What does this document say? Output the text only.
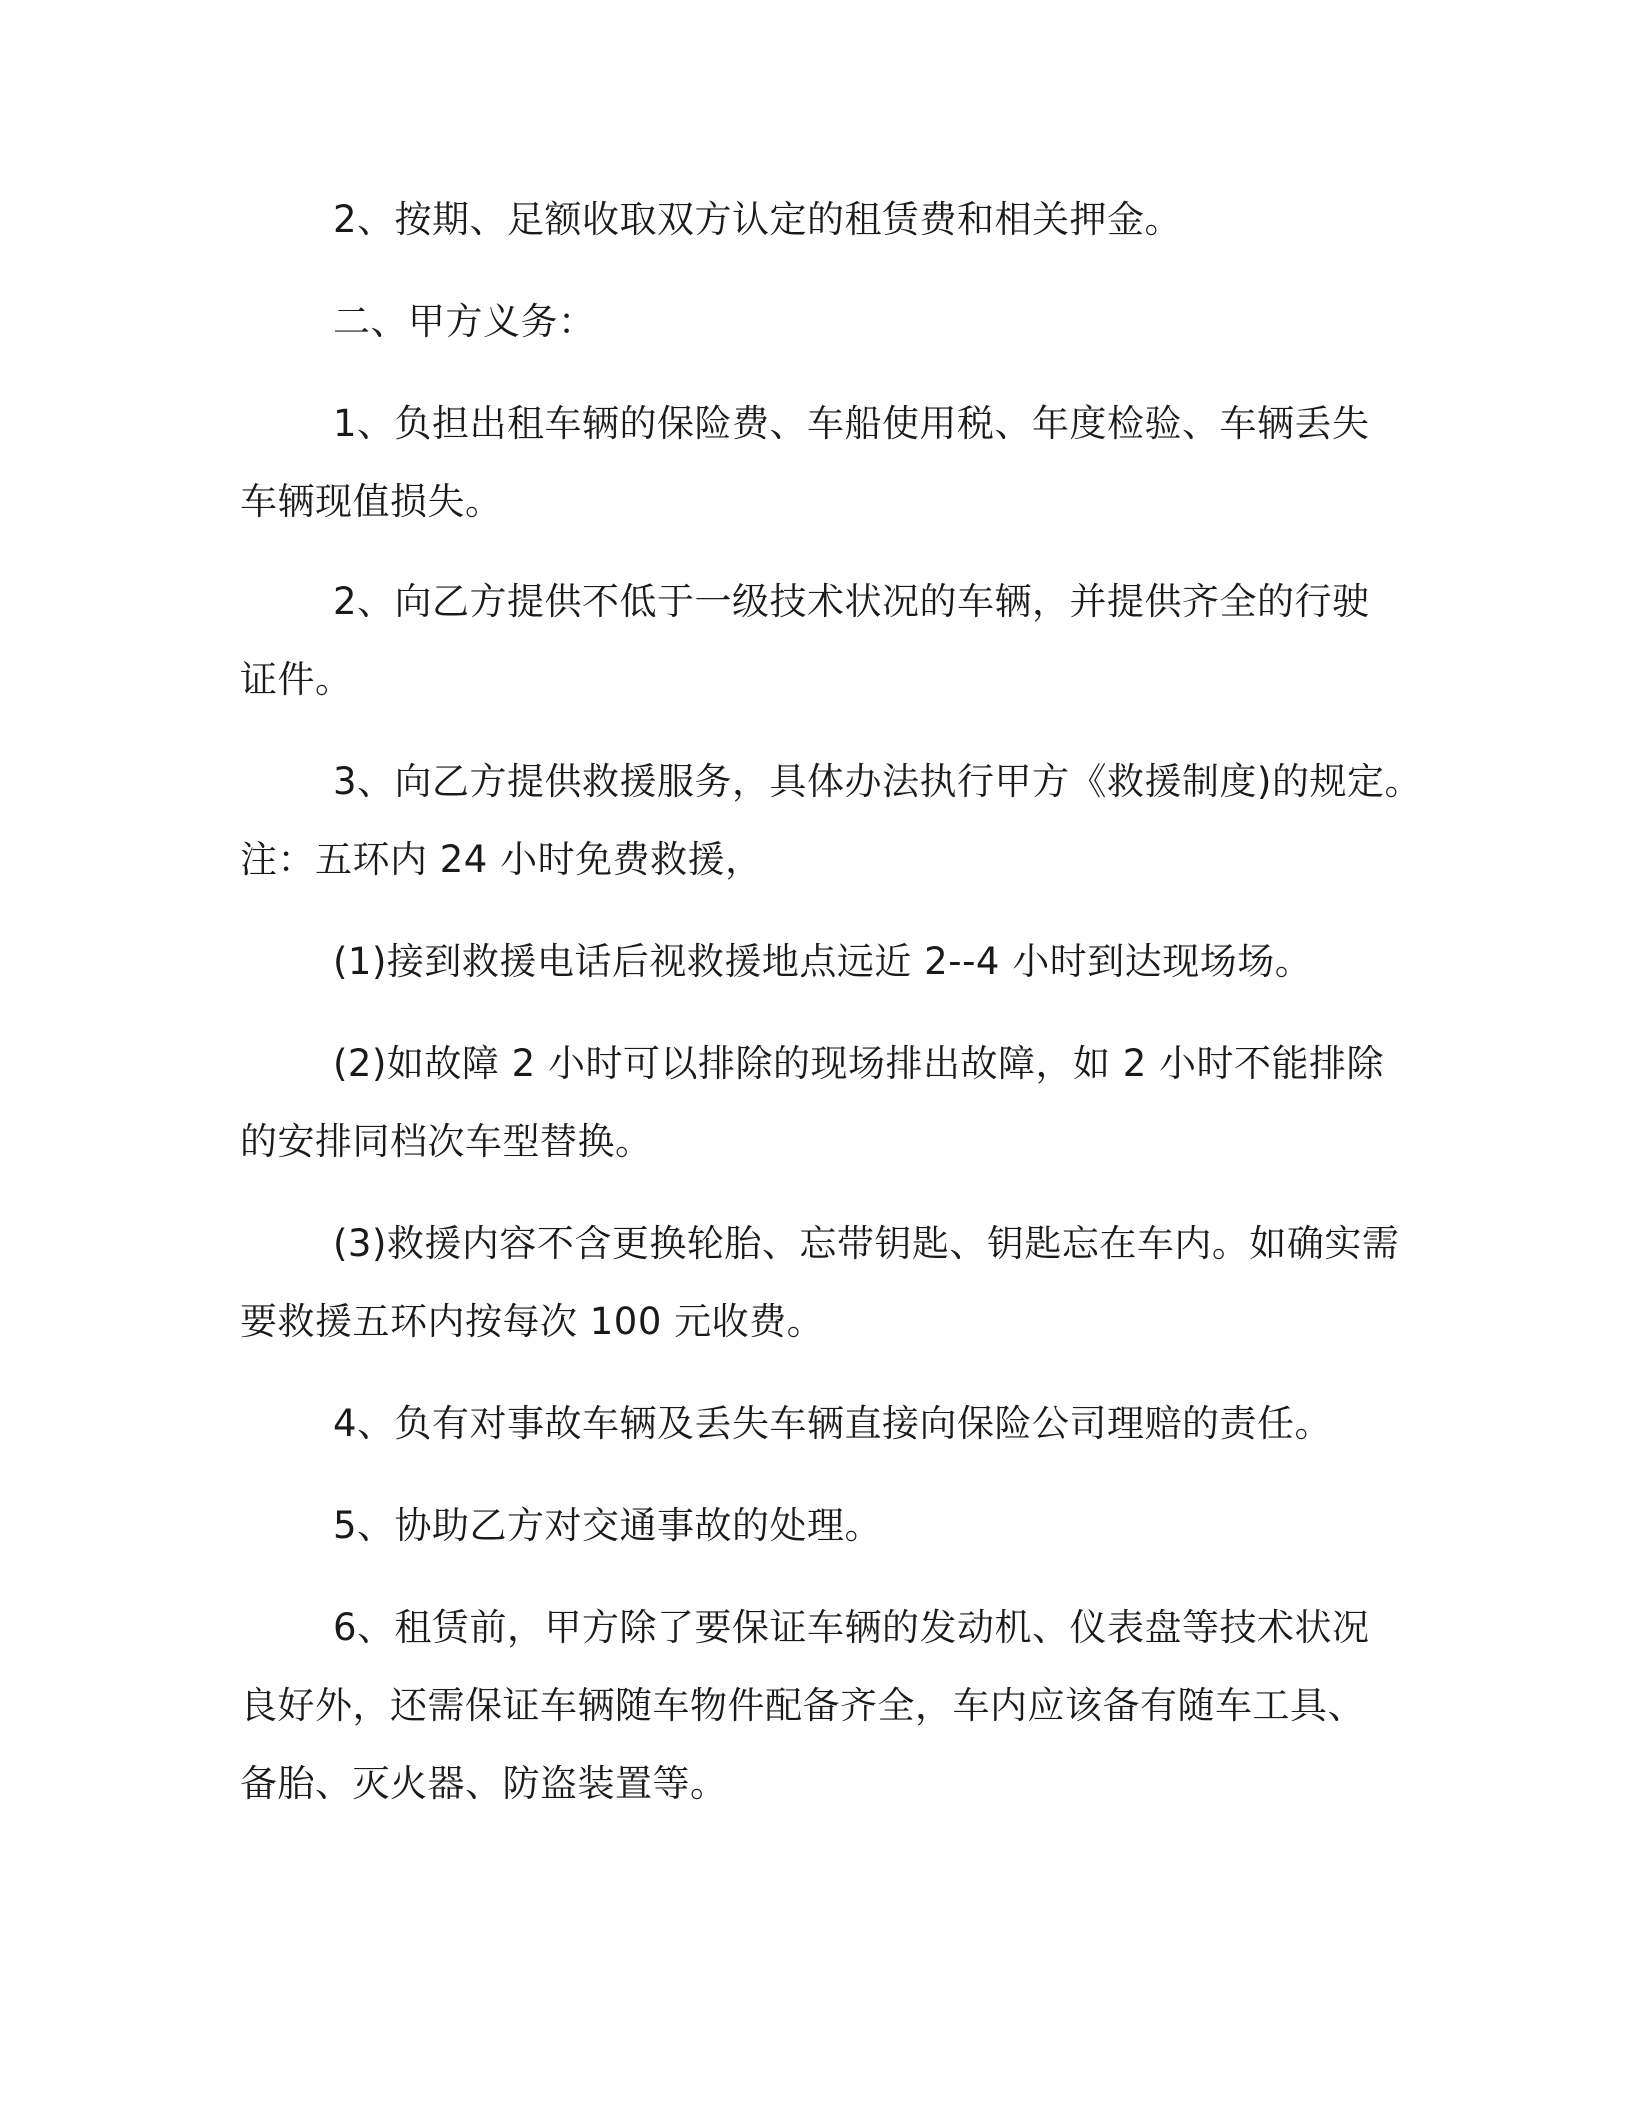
2、按期、足额收取双方认定的租赁费和相关押金。

二、甲方义务：

1、负担出租车辆的保险费、车船使用税、年度检验、车辆丢失

车辆现值损失。

2、向乙方提供不低于一级技术状况的车辆，并提供齐全的行驶

证件。

3、向乙方提供救援服务，具体办法执行甲方《救援制度)的规定。

注：五环内 24 小时免费救援，

(1)接到救援电话后视救援地点远近 2--4 小时到达现场场。

(2)如故障 2 小时可以排除的现场排出故障，如 2 小时不能排除

的安排同档次车型替换。

(3)救援内容不含更换轮胎、忘带钥匙、钥匙忘在车内。如确实需

要救援五环内按每次 100 元收费。

4、负有对事故车辆及丢失车辆直接向保险公司理赔的责任。

5、协助乙方对交通事故的处理。

6、租赁前，甲方除了要保证车辆的发动机、仪表盘等技术状况

良好外，还需保证车辆随车物件配备齐全，车内应该备有随车工具、

备胎、灭火器、防盗装置等。
